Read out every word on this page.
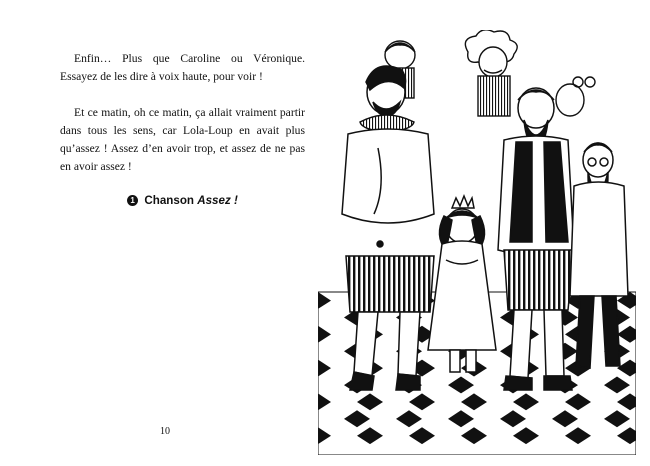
Enfin… Plus que Caroline ou Véronique. Essayez de les dire à voix haute, pour voir !

Et ce matin, oh ce matin, ça allait vraiment partir dans tous les sens, car Lola-Loup en avait plus qu’assez ! Assez d’en avoir trop, et assez de ne pas en avoir assez !

1 Chanson Assez !
10
